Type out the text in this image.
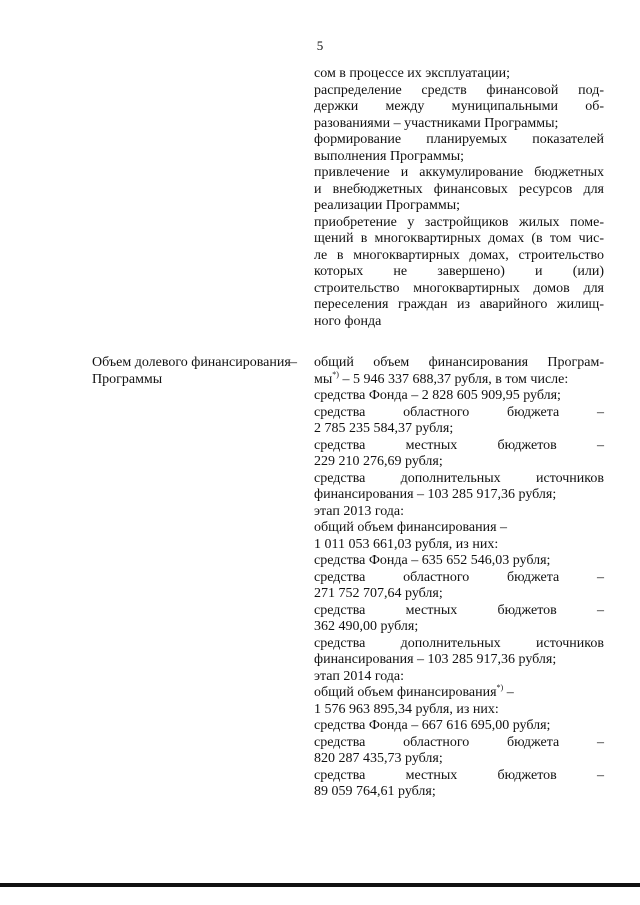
5
сом в процессе их эксплуатации;
распределение средств финансовой под-
держки между муниципальными об-
разованиями – участниками Программы;
формирование планируемых показателей
выполнения Программы;
привлечение и аккумулирование бюджетных
и внебюджетных финансовых ресурсов для
реализации Программы;
приобретение у застройщиков жилых поме-
щений в многоквартирных домах (в том чис-
ле в многоквартирных домах, строительство
которых не завершено) и (или)
строительство многоквартирных домов для
переселения граждан из аварийного жилищ-
ного фонда
Объем долевого финансирования Программы
– общий объем финансирования Програм-
мы*) – 5 946 337 688,37 рубля, в том числе:
средства Фонда – 2 828 605 909,95 рубля;
средства областного бюджета –
2 785 235 584,37 рубля;
средства местных бюджетов –
229 210 276,69 рубля;
средства дополнительных источников
финансирования – 103 285 917,36 рубля;
этап 2013 года:
общий объем финансирования –
1 011 053 661,03 рубля, из них:
средства Фонда – 635 652 546,03 рубля;
средства областного бюджета –
271 752 707,64 рубля;
средства местных бюджетов –
362 490,00 рубля;
средства дополнительных источников
финансирования – 103 285 917,36 рубля;
этап 2014 года:
общий объем финансирования*) –
1 576 963 895,34 рубля, из них:
средства Фонда – 667 616 695,00 рубля;
средства областного бюджета –
820 287 435,73 рубля;
средства местных бюджетов –
89 059 764,61 рубля;
